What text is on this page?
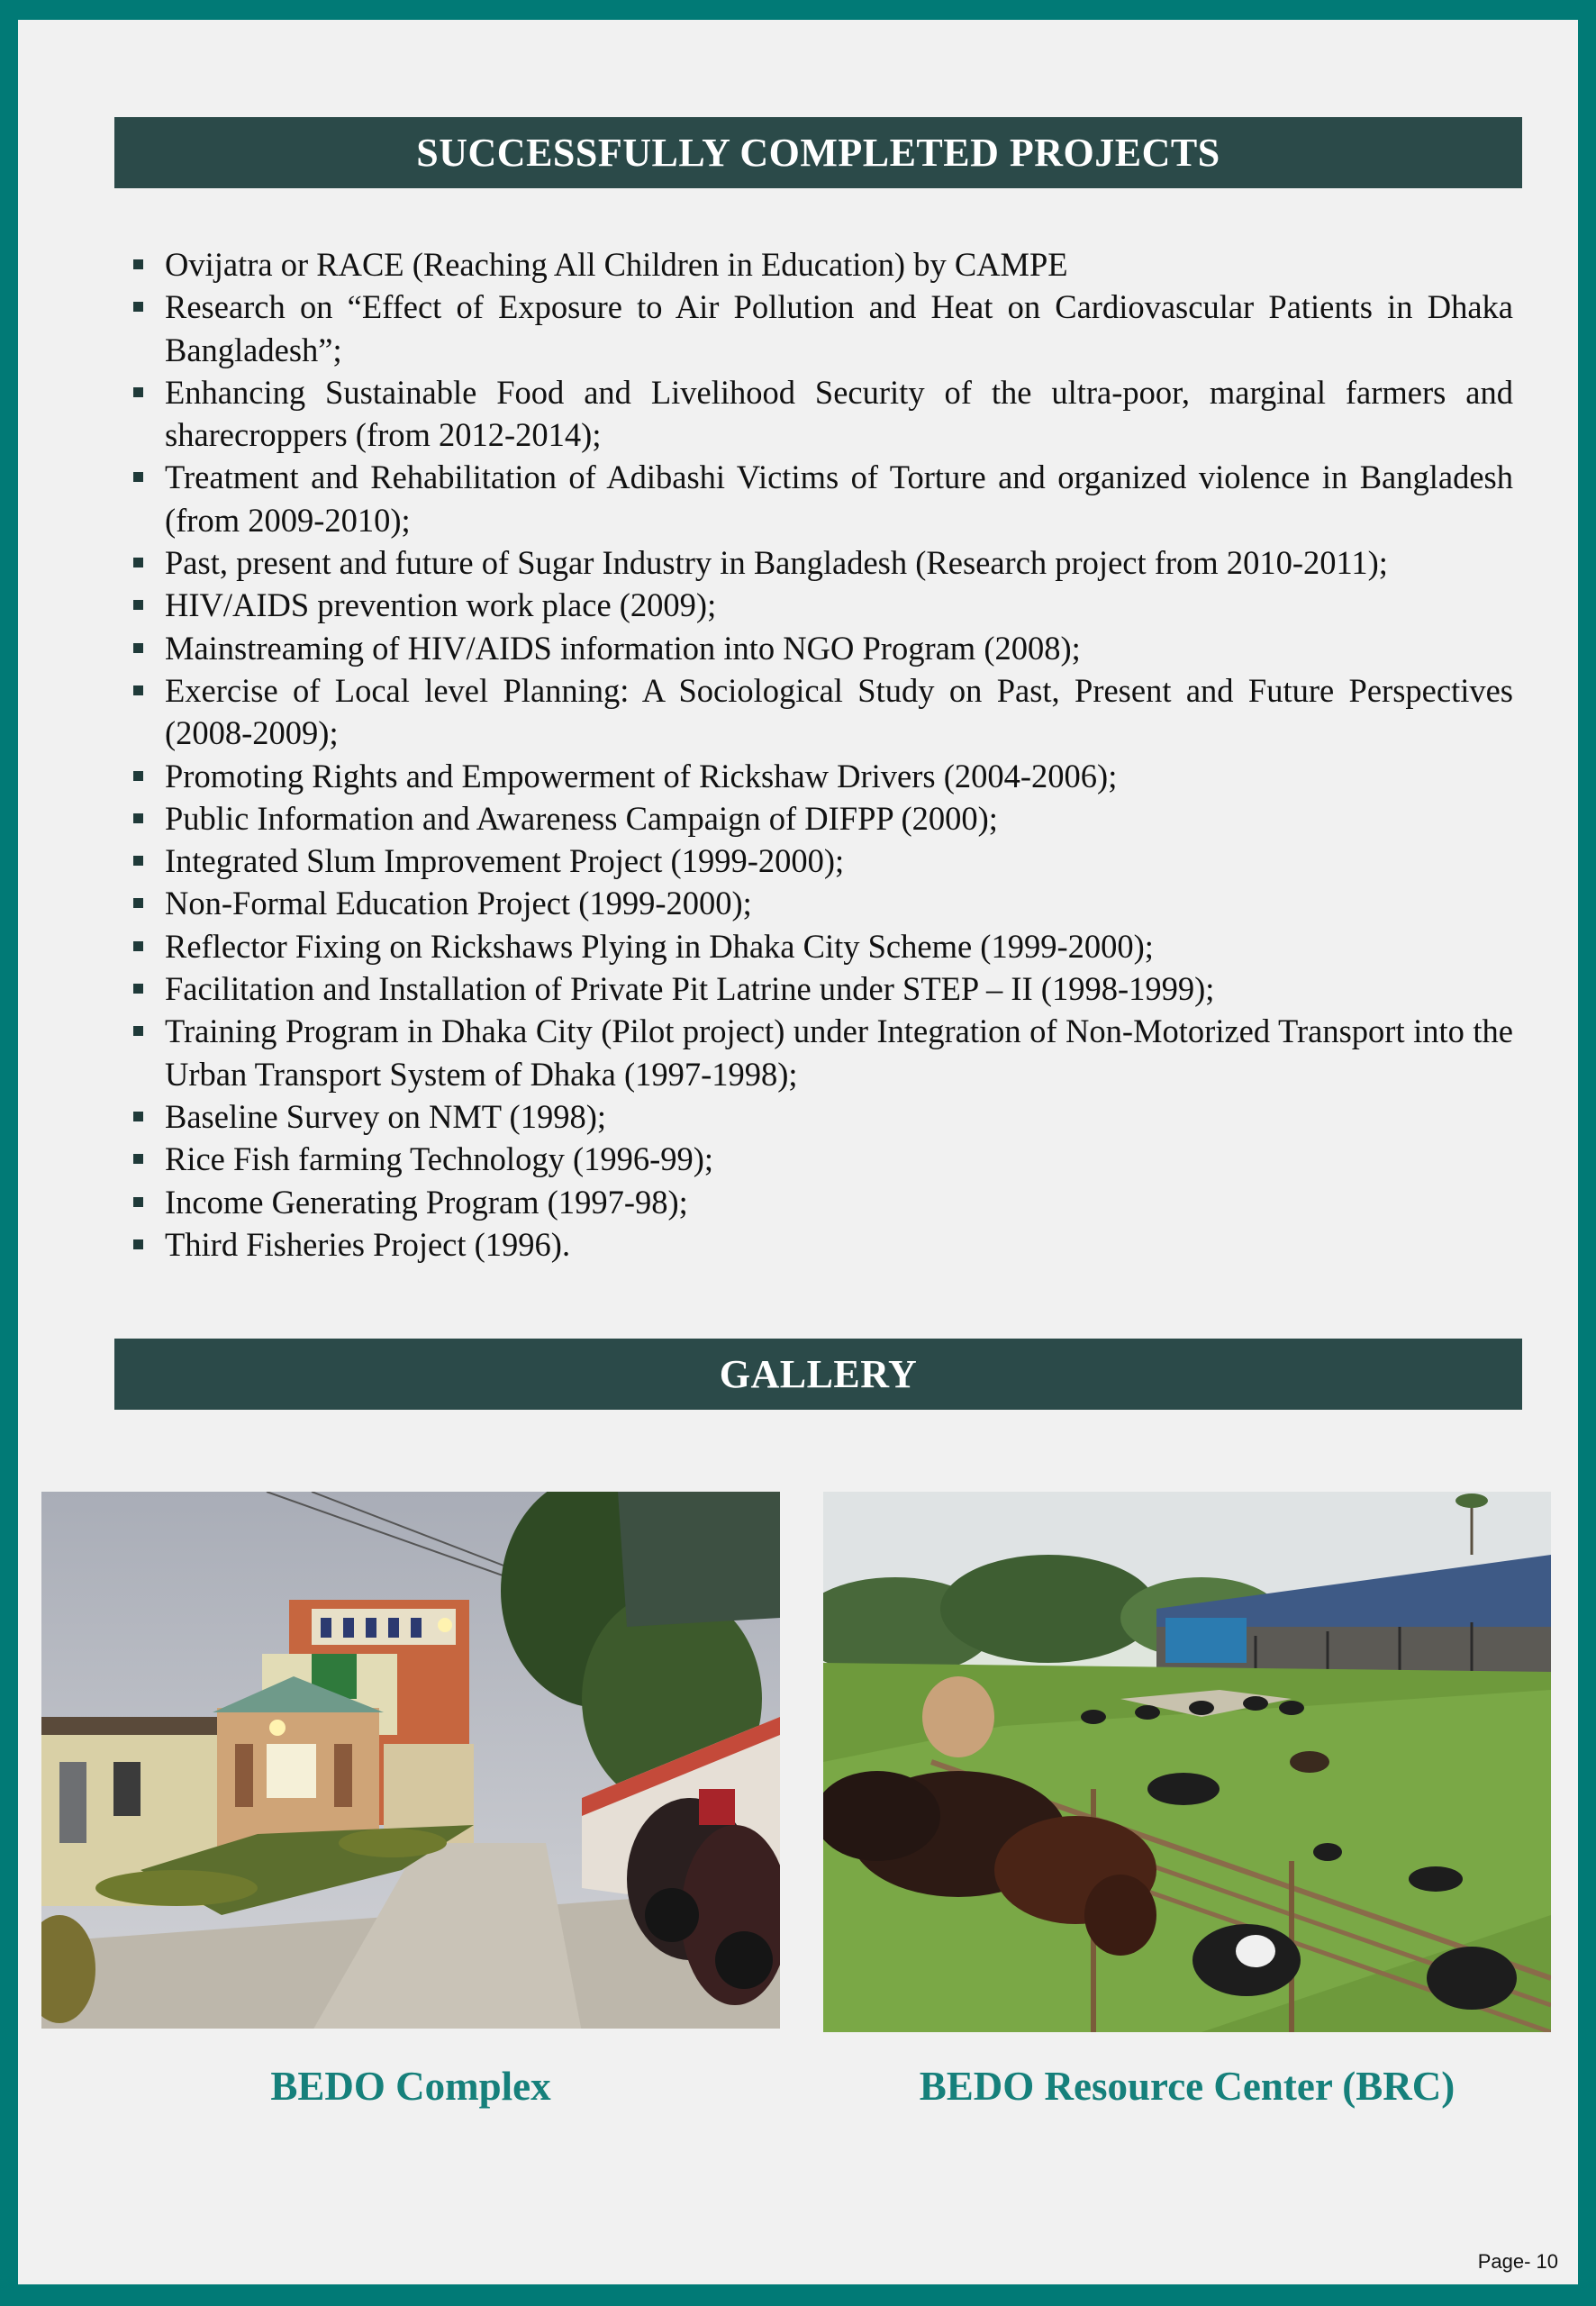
SUCCESSFULLY COMPLETED PROJECTS
Ovijatra or RACE (Reaching All Children in Education) by CAMPE
Research on “Effect of Exposure to Air Pollution and Heat on Cardiovascular Patients in Dhaka Bangladesh”;
Enhancing Sustainable Food and Livelihood Security of the ultra-poor, marginal farmers and sharecroppers (from 2012-2014);
Treatment and Rehabilitation of Adibashi Victims of Torture and organized violence in Bangladesh (from 2009-2010);
Past, present and future of Sugar Industry in Bangladesh (Research project from 2010-2011);
HIV/AIDS prevention work place (2009);
Mainstreaming of HIV/AIDS information into NGO Program (2008);
Exercise of Local level Planning: A Sociological Study on Past, Present and Future Perspectives (2008-2009);
Promoting Rights and Empowerment of Rickshaw Drivers (2004-2006);
Public Information and Awareness Campaign of DIFPP (2000);
Integrated Slum Improvement Project (1999-2000);
Non-Formal Education Project (1999-2000);
Reflector Fixing on Rickshaws Plying in Dhaka City Scheme (1999-2000);
Facilitation and Installation of Private Pit Latrine under STEP – II (1998-1999);
Training Program in Dhaka City (Pilot project) under Integration of Non-Motorized Transport into the Urban Transport System of Dhaka (1997-1998);
Baseline Survey on NMT (1998);
Rice Fish farming Technology (1996-99);
Income Generating Program (1997-98);
Third Fisheries Project (1996).
GALLERY
BEDO Complex	BEDO Resource Center (BRC)
Page- 10
